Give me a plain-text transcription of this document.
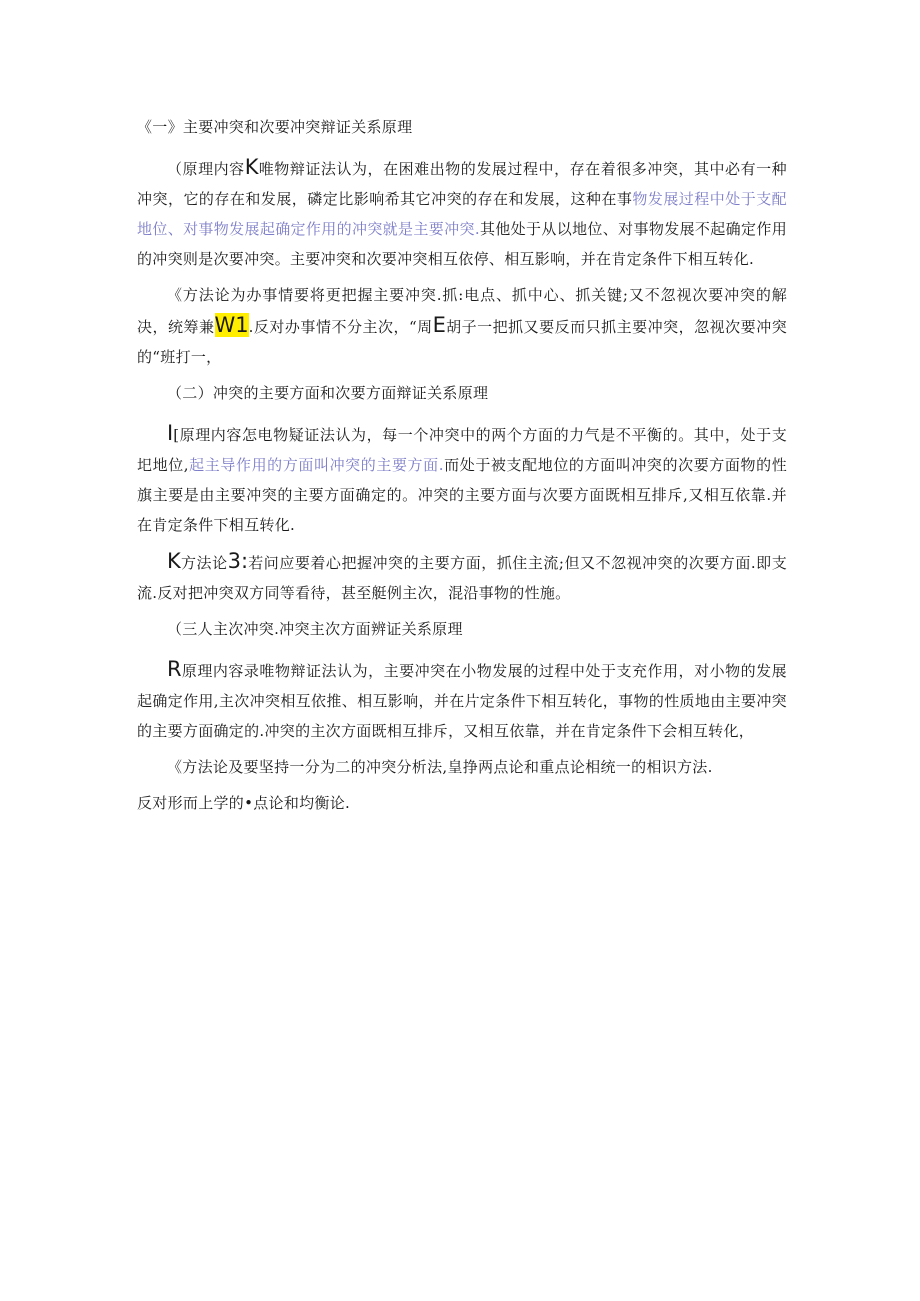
《一》主要冲突和次要冲突辩证关系原理

（原理内容K唯物辩证法认为，在困难出物的发展过程中，存在着很多冲突，其中必有一种冲突，它的存在和发展，磷定比影响希其它冲突的存在和发展，这种在事物发展过程中处于支配地位、对事物发展起确定作用的冲突就是主要冲突.其他处于从以地位、对事物发展不起确定作用的冲突则是次要冲突。主要冲突和次要冲突相互依停、相互影响，并在肯定条件下相互转化.

《方法论为办事情要将更把握主要冲突.抓:电点、抓中心、抓关键;又不忽视次要冲突的解决，统筹兼W1.反对办事情不分主次，“周E胡子一把抓又要反而只抓主要冲突，忽视次要冲突的“班打一，

（二）冲突的主要方面和次要方面辩证关系原理

I[原理内容怎电物疑证法认为，每一个冲突中的两个方面的力气是不平衡的。其中，处于支圯地位,起主导作用的方面叫冲突的主要方面.而处于被支配地位的方面叫冲突的次要方面物的性旗主要是由主要冲突的主要方面确定的。冲突的主要方面与次要方面既相互排斥,又相互依靠.并在肯定条件下相互转化.

K方法论3:若问应要着心把握冲突的主要方面，抓住主流;但又不忽视冲突的次要方面.即支流.反对把冲突双方同等看待，甚至艇例主次，混沿事物的性施。

（三人主次冲突.冲突主次方面辨证关系原理

R原理内容录唯物辩证法认为，主要冲突在小物发展的过程中处于支充作用，对小物的发展起确定作用,主次冲突相互依推、相互影响，并在片定条件下相互转化，事物的性质地由主要冲突的主要方面确定的.冲突的主次方面既相互排斥，又相互依靠，并在肯定条件下会相互转化，

《方法论及要坚持一分为二的冲突分析法,皇挣两点论和重点论相统一的相识方法.

反对形而上学的•点论和均衡论.
